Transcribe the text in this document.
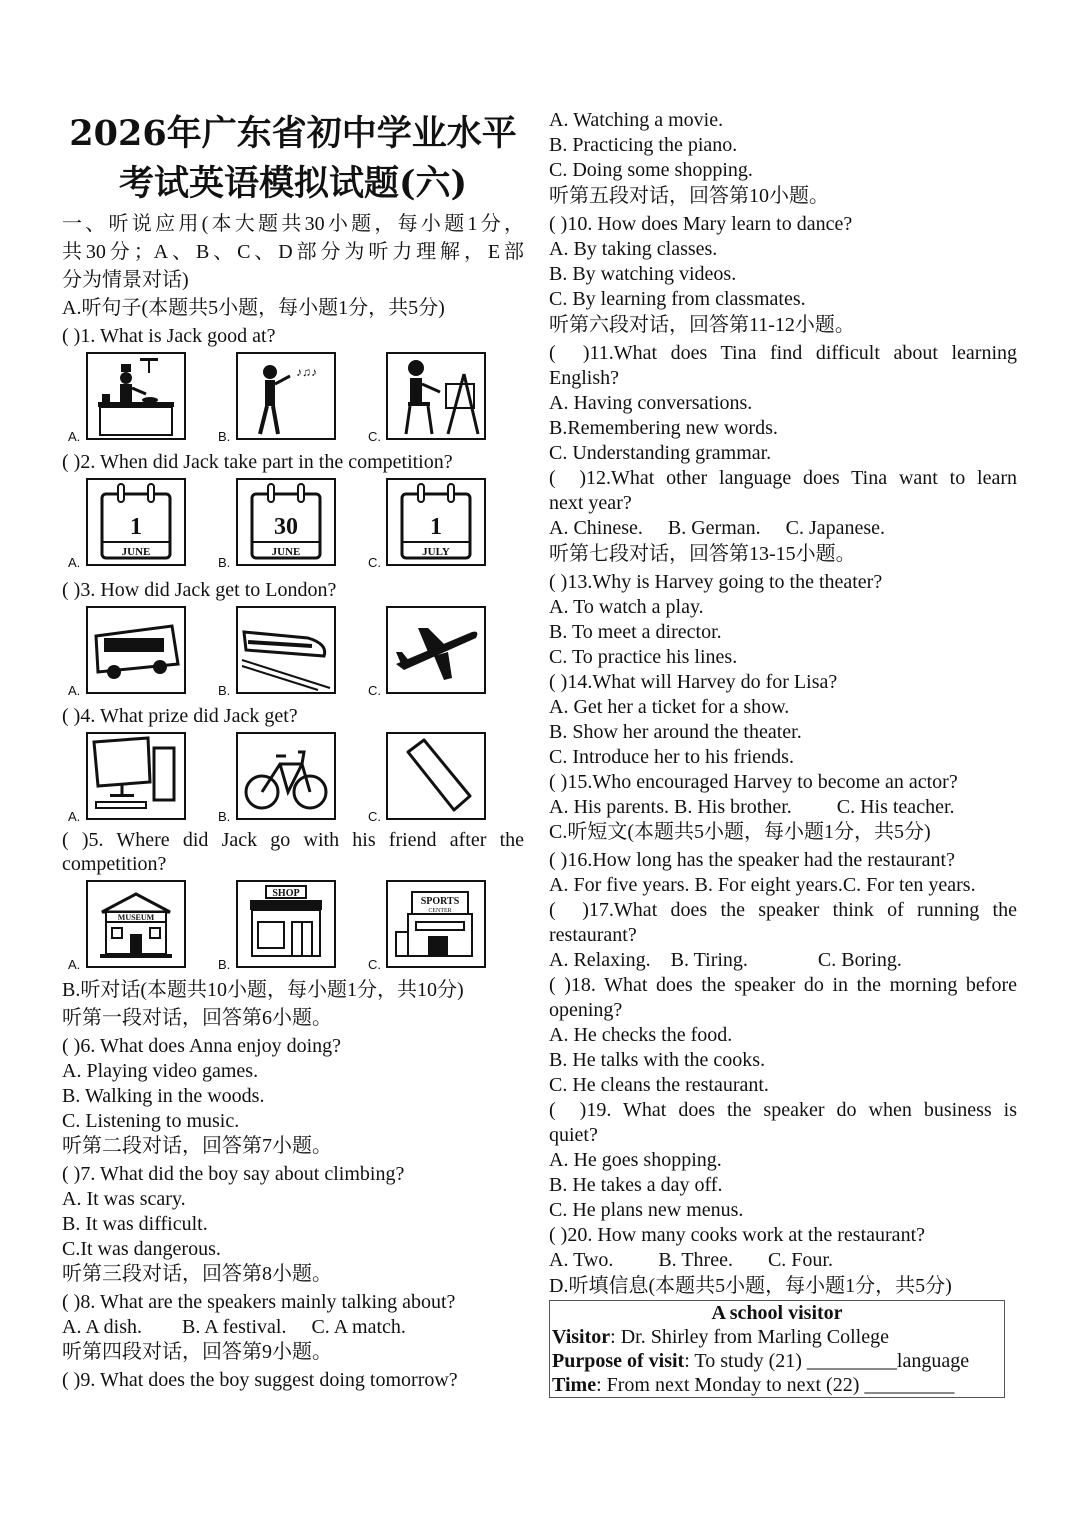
2026年广东省初中学业水平
考试英语模拟试题(六)
一、听说应用(本大题共30小题，每小题1分，
共30分；A、B、C、D部分为听力理解，E部
分为情景对话)
A.听句子(本题共5小题，每小题1分，共5分)
( )1. What is Jack good at?
A.	B.
♪♫♪
C.
( )2. When did Jack take part in the competition?
A.
1
JUNE
B.
30
JUNE
C.
1
JULY
( )3. How did Jack get to London?
A.	B.	C.
( )4. What prize did Jack get?
A.	B.	C.
( )5. Where did Jack go with his friend after the
competition?
A.
MUSEUM
B.
SHOP
C.
SPORTS
CENTER
B.听对话(本题共10小题，每小题1分，共10分)
听第一段对话，回答第6小题。
( )6. What does Anna enjoy doing?
A. Playing video games.
B. Walking in the woods.
C. Listening to music.
听第二段对话，回答第7小题。
( )7. What did the boy say about climbing?
A. It was scary.
B. It was difficult.
C.It was dangerous.
听第三段对话，回答第8小题。
( )8. What are the speakers mainly talking about?
A. A dish.        B. A festival.     C. A match.
听第四段对话，回答第9小题。
( )9. What does the boy suggest doing tomorrow?
A. Watching a movie.
B. Practicing the piano.
C. Doing some shopping.
听第五段对话，回答第10小题。
( )10. How does Mary learn to dance?
A. By taking classes.
B. By watching videos.
C. By learning from classmates.
听第六段对话，回答第11-12小题。
(  )11.What does Tina find difficult about learning
English?
A. Having conversations.
B.Remembering new words.
C. Understanding grammar.
(  )12.What other language does Tina want to learn
next year?
A. Chinese.     B. German.     C. Japanese.
听第七段对话，回答第13-15小题。
( )13.Why is Harvey going to the theater?
A. To watch a play.
B. To meet a director.
C. To practice his lines.
( )14.What will Harvey do for Lisa?
A. Get her a ticket for a show.
B. Show her around the theater.
C. Introduce her to his friends.
( )15.Who encouraged Harvey to become an actor?
A. His parents. B. His brother.         C. His teacher.
C.听短文(本题共5小题，每小题1分，共5分)
( )16.How long has the speaker had the restaurant?
A. For five years. B. For eight years.C. For ten years.
(  )17.What does the speaker think of running the
restaurant?
A. Relaxing.    B. Tiring.              C. Boring.
( )18. What does the speaker do in the morning before
opening?
A. He checks the food.
B. He talks with the cooks.
C. He cleans the restaurant.
(  )19. What does the speaker do when business is
quiet?
A. He goes shopping.
B. He takes a day off.
C. He plans new menus.
( )20. How many cooks work at the restaurant?
A. Two.         B. Three.       C. Four.
D.听填信息(本题共5小题，每小题1分，共5分)
A school visitor
Visitor: Dr. Shirley from Marling College
Purpose of visit: To study (21) _________language
Time: From next Monday to next (22) _________
